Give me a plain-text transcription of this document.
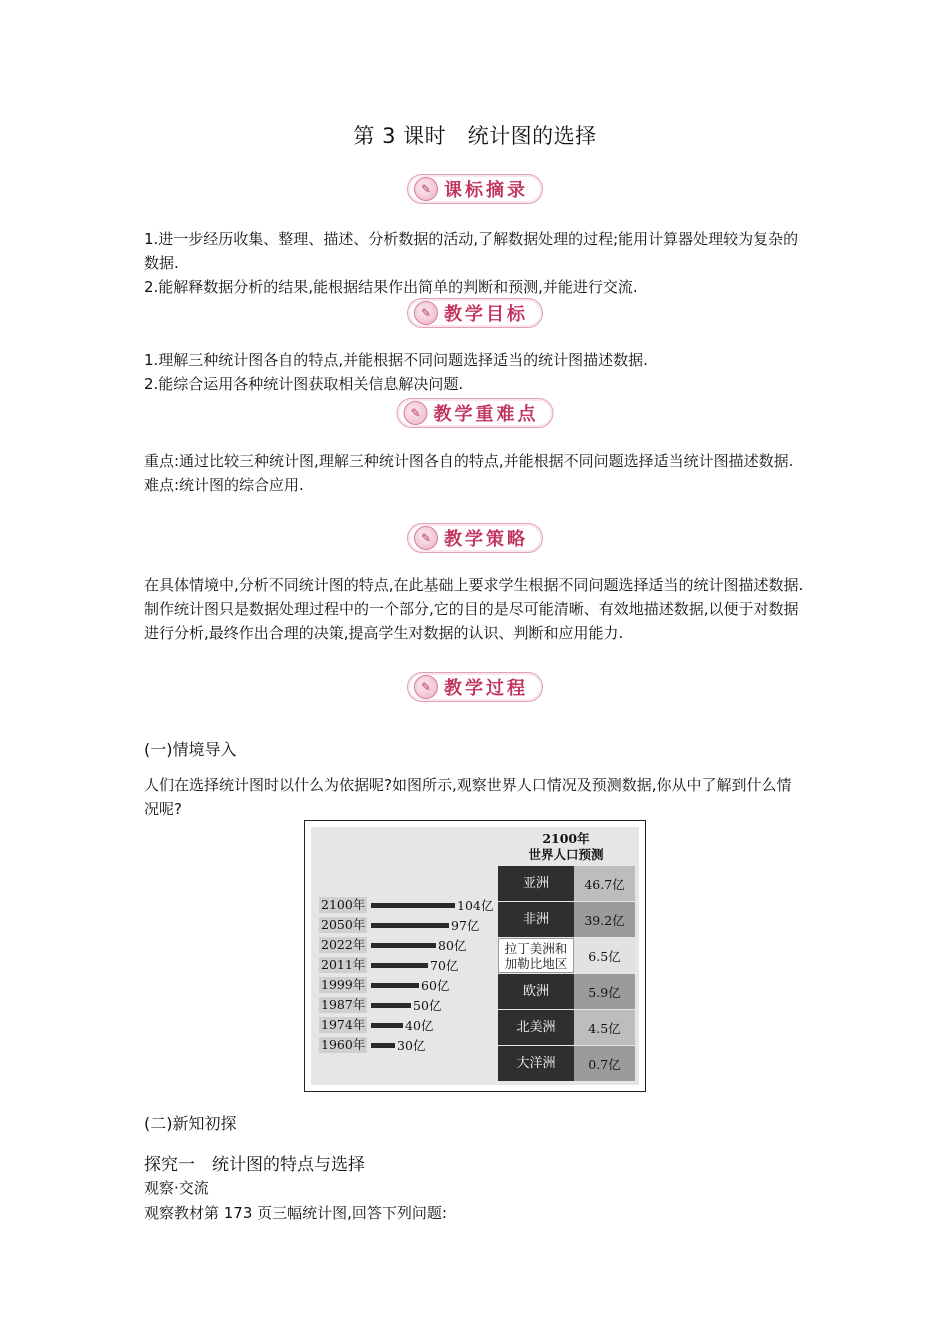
第 3 课时　统计图的选择
✎ 课标摘录

1.进一步经历收集、整理、描述、分析数据的活动,了解数据处理的过程;能用计算器处理较为复杂的数据.

2.能解释数据分析的结果,能根据结果作出简单的判断和预测,并能进行交流.

✎ 教学目标

1.理解三种统计图各自的特点,并能根据不同问题选择适当的统计图描述数据.

2.能综合运用各种统计图获取相关信息解决问题.

✎ 教学重难点

重点:通过比较三种统计图,理解三种统计图各自的特点,并能根据不同问题选择适当统计图描述数据.

难点:统计图的综合应用.

✎ 教学策略

在具体情境中,分析不同统计图的特点,在此基础上要求学生根据不同问题选择适当的统计图描述数据.制作统计图只是数据处理过程中的一个部分,它的目的是尽可能清晰、有效地描述数据,以便于对数据进行分析,最终作出合理的决策,提高学生对数据的认识、判断和应用能力.

✎ 教学过程
(一)情境导入

人们在选择统计图时以什么为依据呢?如图所示,观察世界人口情况及预测数据,你从中了解到什么情况呢?

2100年	104亿
2050年	97亿
2022年	80亿
2011年	70亿
1999年	60亿
1987年	50亿
1974年	40亿
1960年	30亿
2100年
世界人口预测
亚洲	46.7亿
非洲	39.2亿
拉丁美洲和加勒比地区	6.5亿
欧洲	5.9亿
北美洲	4.5亿
大洋洲	0.7亿
(二)新知初探
探究一　统计图的特点与选择
观察·交流
观察教材第 173 页三幅统计图,回答下列问题:
